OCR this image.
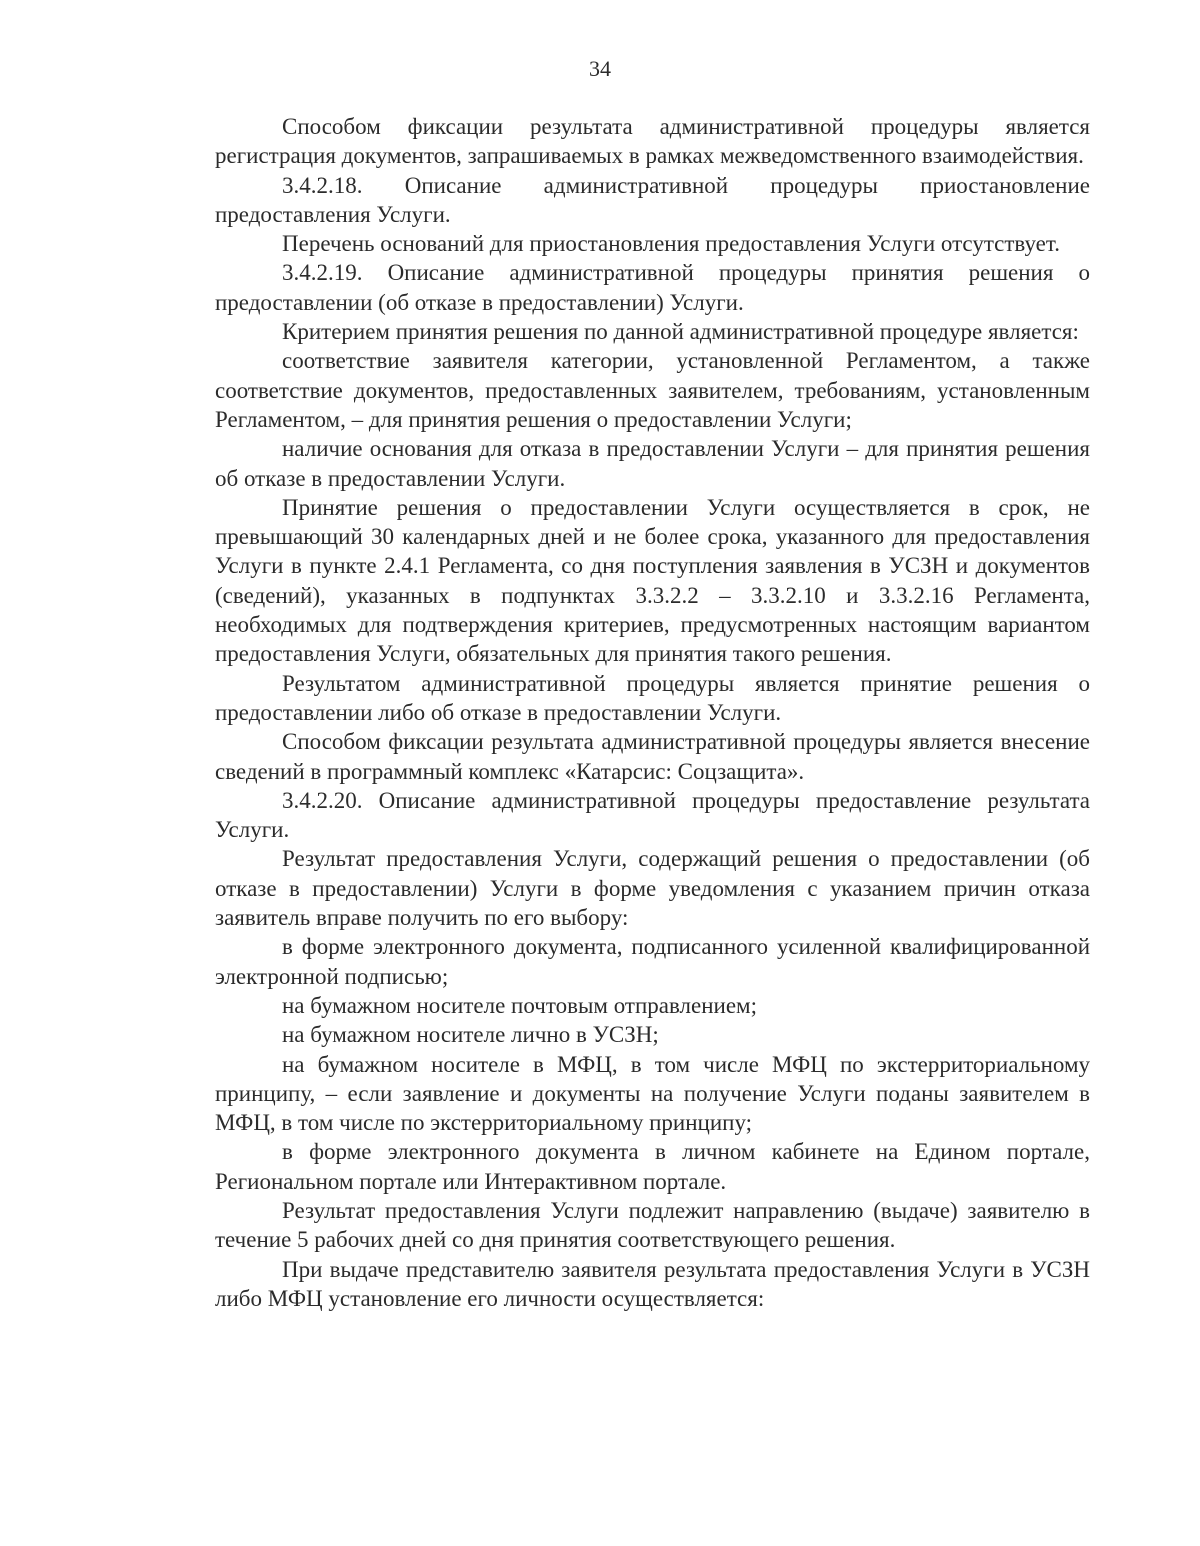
34

Способом фиксации результата административной процедуры является регистрация документов, запрашиваемых в рамках межведомственного взаимодействия.

3.4.2.18. Описание административной процедуры приостановление предоставления Услуги.

Перечень оснований для приостановления предоставления Услуги отсутствует.

3.4.2.19. Описание административной процедуры принятия решения о предоставлении (об отказе в предоставлении) Услуги.

Критерием принятия решения по данной административной процедуре является:

соответствие заявителя категории, установленной Регламентом, а также соответствие документов, предоставленных заявителем, требованиям, установленным Регламентом, – для принятия решения о предоставлении Услуги;

наличие основания для отказа в предоставлении Услуги – для принятия решения об отказе в предоставлении Услуги.

Принятие решения о предоставлении Услуги осуществляется в срок, не превышающий 30 календарных дней и не более срока, указанного для предоставления Услуги в пункте 2.4.1 Регламента, со дня поступления заявления в УСЗН и документов (сведений), указанных в подпунктах 3.3.2.2 – 3.3.2.10 и 3.3.2.16 Регламента, необходимых для подтверждения критериев, предусмотренных настоящим вариантом предоставления Услуги, обязательных для принятия такого решения.

Результатом административной процедуры является принятие решения о предоставлении либо об отказе в предоставлении Услуги.

Способом фиксации результата административной процедуры является внесение сведений в программный комплекс «Катарсис: Соцзащита».

3.4.2.20. Описание административной процедуры предоставление результата Услуги.

Результат предоставления Услуги, содержащий решения о предоставлении (об отказе в предоставлении) Услуги в форме уведомления с указанием причин отказа заявитель вправе получить по его выбору:

в форме электронного документа, подписанного усиленной квалифицированной электронной подписью;

на бумажном носителе почтовым отправлением;

на бумажном носителе лично в УСЗН;

на бумажном носителе в МФЦ, в том числе МФЦ по экстерриториальному принципу, – если заявление и документы на получение Услуги поданы заявителем в МФЦ, в том числе по экстерриториальному принципу;

в форме электронного документа в личном кабинете на Едином портале, Региональном портале или Интерактивном портале.

Результат предоставления Услуги подлежит направлению (выдаче) заявителю в течение 5 рабочих дней со дня принятия соответствующего решения.

При выдаче представителю заявителя результата предоставления Услуги в УСЗН либо МФЦ установление его личности осуществляется:
